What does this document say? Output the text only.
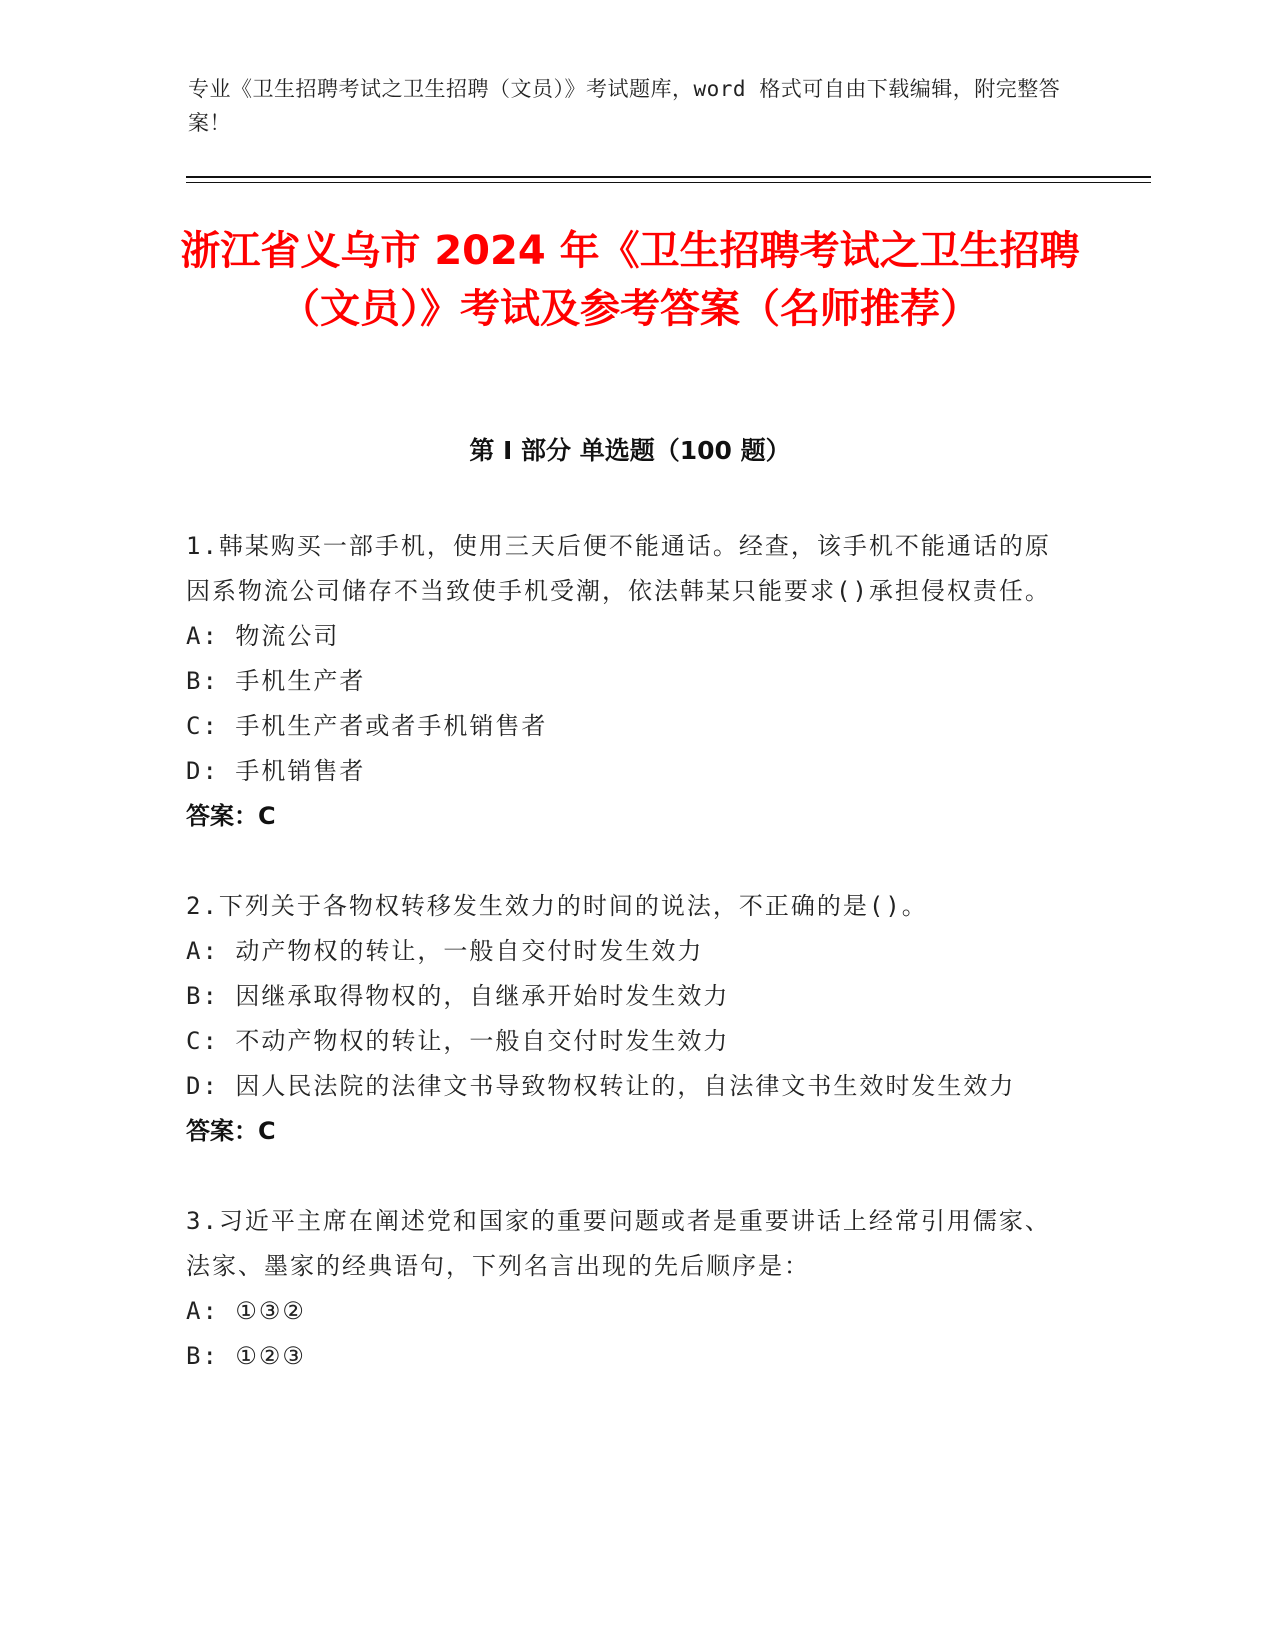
专业《卫生招聘考试之卫生招聘（文员）》考试题库，word 格式可自由下载编辑，附完整答案！
浙江省义乌市 2024 年《卫生招聘考试之卫生招聘（文员）》考试及参考答案（名师推荐）
第 I 部分 单选题（100 题）
1.韩某购买一部手机，使用三天后便不能通话。经查，该手机不能通话的原因系物流公司储存不当致使手机受潮，依法韩某只能要求()承担侵权责任。
A: 物流公司
B: 手机生产者
C: 手机生产者或者手机销售者
D: 手机销售者
答案：C
2.下列关于各物权转移发生效力的时间的说法，不正确的是()。
A: 动产物权的转让，一般自交付时发生效力
B: 因继承取得物权的，自继承开始时发生效力
C: 不动产物权的转让，一般自交付时发生效力
D: 因人民法院的法律文书导致物权转让的，自法律文书生效时发生效力
答案：C
3.习近平主席在阐述党和国家的重要问题或者是重要讲话上经常引用儒家、法家、墨家的经典语句，下列名言出现的先后顺序是：
A: ①③②
B: ①②③
